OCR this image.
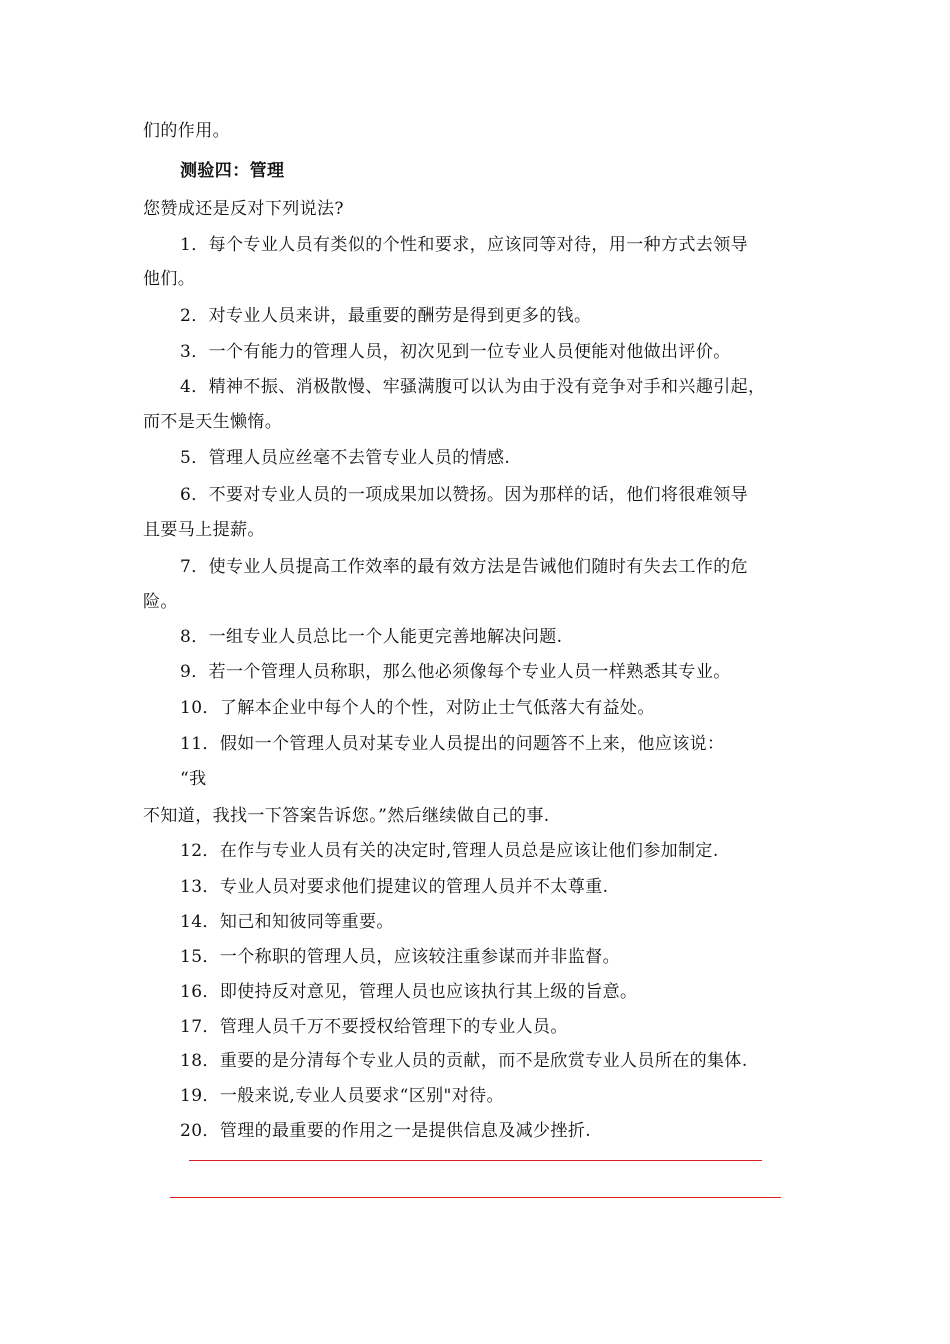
们的作用。
测验四：管理
您赞成还是反对下列说法?
1．每个专业人员有类似的个性和要求，应该同等对待，用一种方式去领导
他们。
2．对专业人员来讲，最重要的酬劳是得到更多的钱。
3．一个有能力的管理人员，初次见到一位专业人员便能对他做出评价。
4．精神不振、消极散慢、牢骚满腹可以认为由于没有竞争对手和兴趣引起，
而不是天生懒惰。
5．管理人员应丝毫不去管专业人员的情感.
6．不要对专业人员的一项成果加以赞扬。因为那样的话，他们将很难领导
且要马上提薪。
7．使专业人员提高工作效率的最有效方法是告诫他们随时有失去工作的危
险。
8．一组专业人员总比一个人能更完善地解决问题.
9．若一个管理人员称职，那么他必须像每个专业人员一样熟悉其专业。
10．了解本企业中每个人的个性，对防止士气低落大有益处。
11．假如一个管理人员对某专业人员提出的问题答不上来，他应该说：
“我
不知道，我找一下答案告诉您。”然后继续做自己的事.
12．在作与专业人员有关的决定时,管理人员总是应该让他们参加制定.
13．专业人员对要求他们提建议的管理人员并不太尊重.
14．知己和知彼同等重要。
15．一个称职的管理人员，应该较注重参谋而并非监督。
16．即使持反对意见，管理人员也应该执行其上级的旨意。
17．管理人员千万不要授权给管理下的专业人员。
18．重要的是分清每个专业人员的贡献，而不是欣赏专业人员所在的集体.
19．一般来说,专业人员要求“区别"对待。
20．管理的最重要的作用之一是提供信息及减少挫折.
